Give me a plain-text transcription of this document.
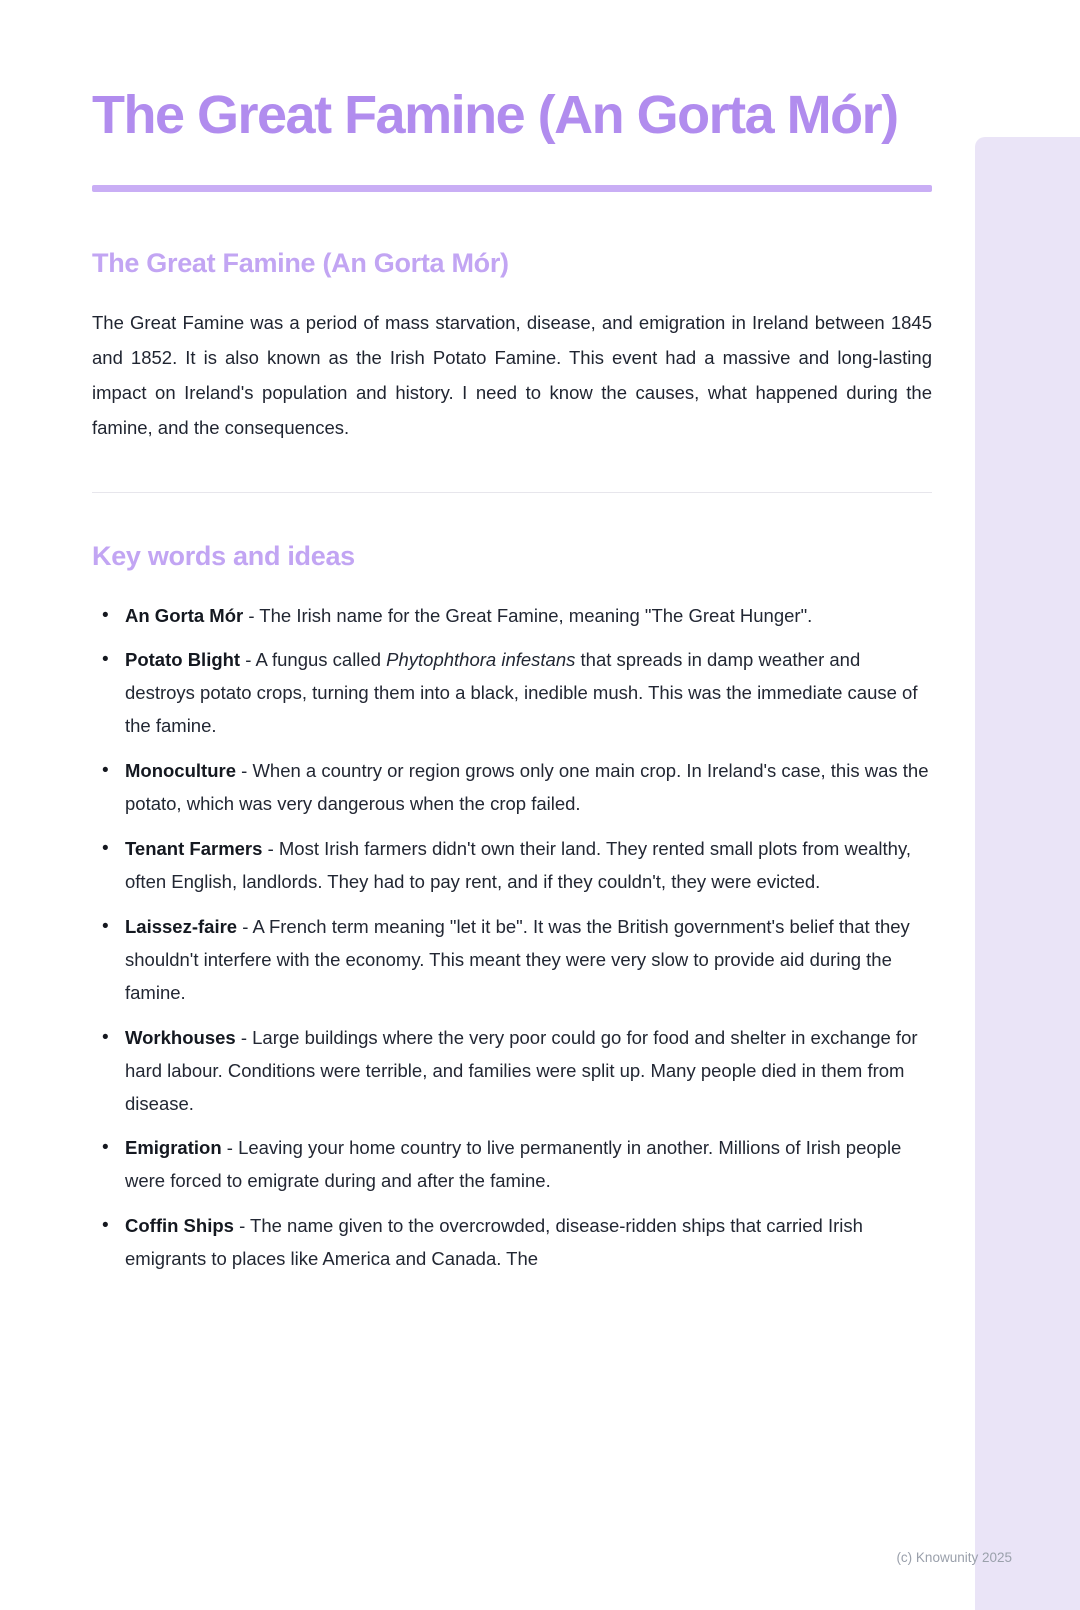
The Great Famine (An Gorta Mór)
The Great Famine (An Gorta Mór)

The Great Famine was a period of mass starvation, disease, and emigration in Ireland between 1845 and 1852. It is also known as the Irish Potato Famine. This event had a massive and long-lasting impact on Ireland's population and history. I need to know the causes, what happened during the famine, and the consequences.

Key words and ideas
• An Gorta Mór - The Irish name for the Great Famine, meaning "The Great Hunger".
• Potato Blight - A fungus called Phytophthora infestans that spreads in damp weather and destroys potato crops, turning them into a black, inedible mush. This was the immediate cause of the famine.
• Monoculture - When a country or region grows only one main crop. In Ireland's case, this was the potato, which was very dangerous when the crop failed.
• Tenant Farmers - Most Irish farmers didn't own their land. They rented small plots from wealthy, often English, landlords. They had to pay rent, and if they couldn't, they were evicted.
• Laissez-faire - A French term meaning "let it be". It was the British government's belief that they shouldn't interfere with the economy. This meant they were very slow to provide aid during the famine.
• Workhouses - Large buildings where the very poor could go for food and shelter in exchange for hard labour. Conditions were terrible, and families were split up. Many people died in them from disease.
• Emigration - Leaving your home country to live permanently in another. Millions of Irish people were forced to emigrate during and after the famine.
• Coffin Ships - The name given to the overcrowded, disease-ridden ships that carried Irish emigrants to places like America and Canada. The
(c) Knowunity 2025
